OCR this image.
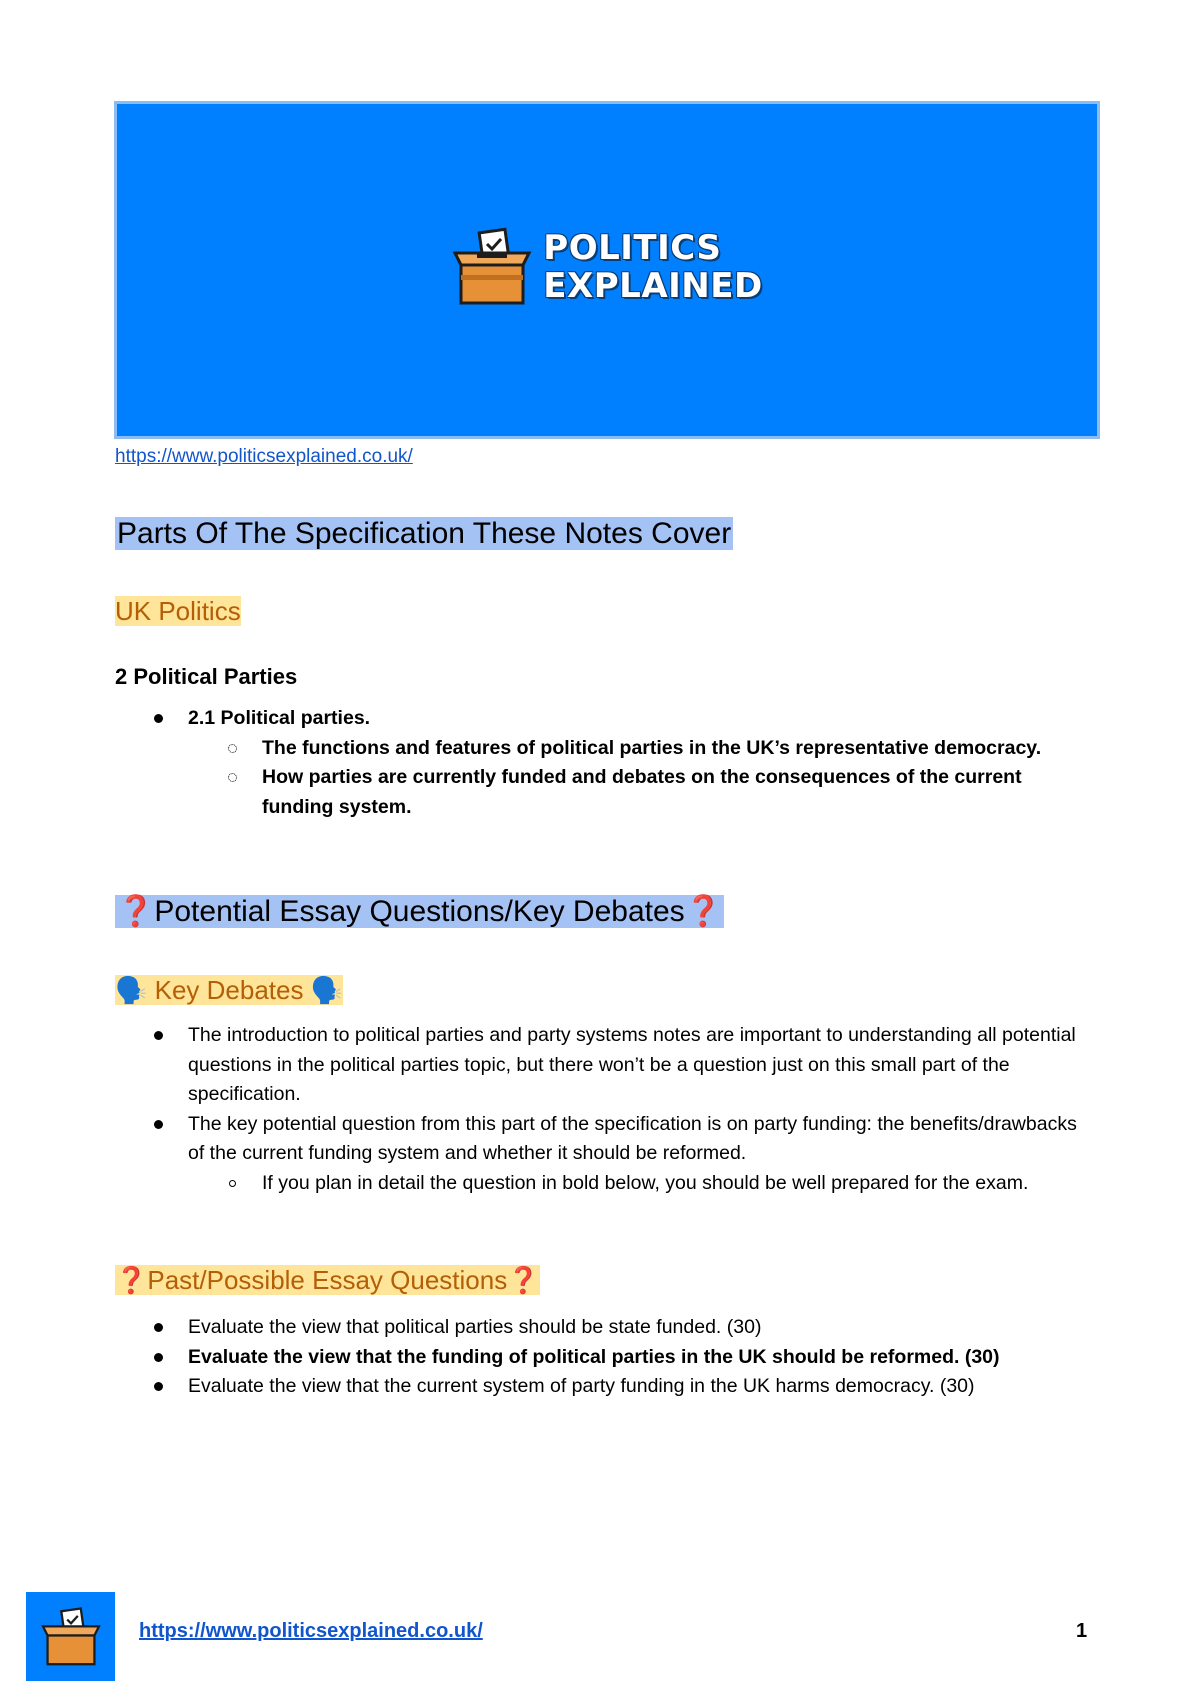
POLITICS
EXPLAINED
https://www.politicsexplained.co.uk/
Parts Of The Specification These Notes Cover
UK Politics
2 Political Parties
2.1 Political parties.
The functions and features of political parties in the UK’s representative democracy.
How parties are currently funded and debates on the consequences of the current funding system.
❓Potential Essay Questions/Key Debates❓
🗣️ Key Debates 🗣️
The introduction to political parties and party systems notes are important to understanding all potential questions in the political parties topic, but there won’t be a question just on this small part of the specification.
The key potential question from this part of the specification is on party funding: the benefits/drawbacks of the current funding system and whether it should be reformed.
If you plan in detail the question in bold below, you should be well prepared for the exam.
❓Past/Possible Essay Questions❓
Evaluate the view that political parties should be state funded. (30)
Evaluate the view that the funding of political parties in the UK should be reformed. (30)
Evaluate the view that the current system of party funding in the UK harms democracy. (30)
https://www.politicsexplained.co.uk/	1
